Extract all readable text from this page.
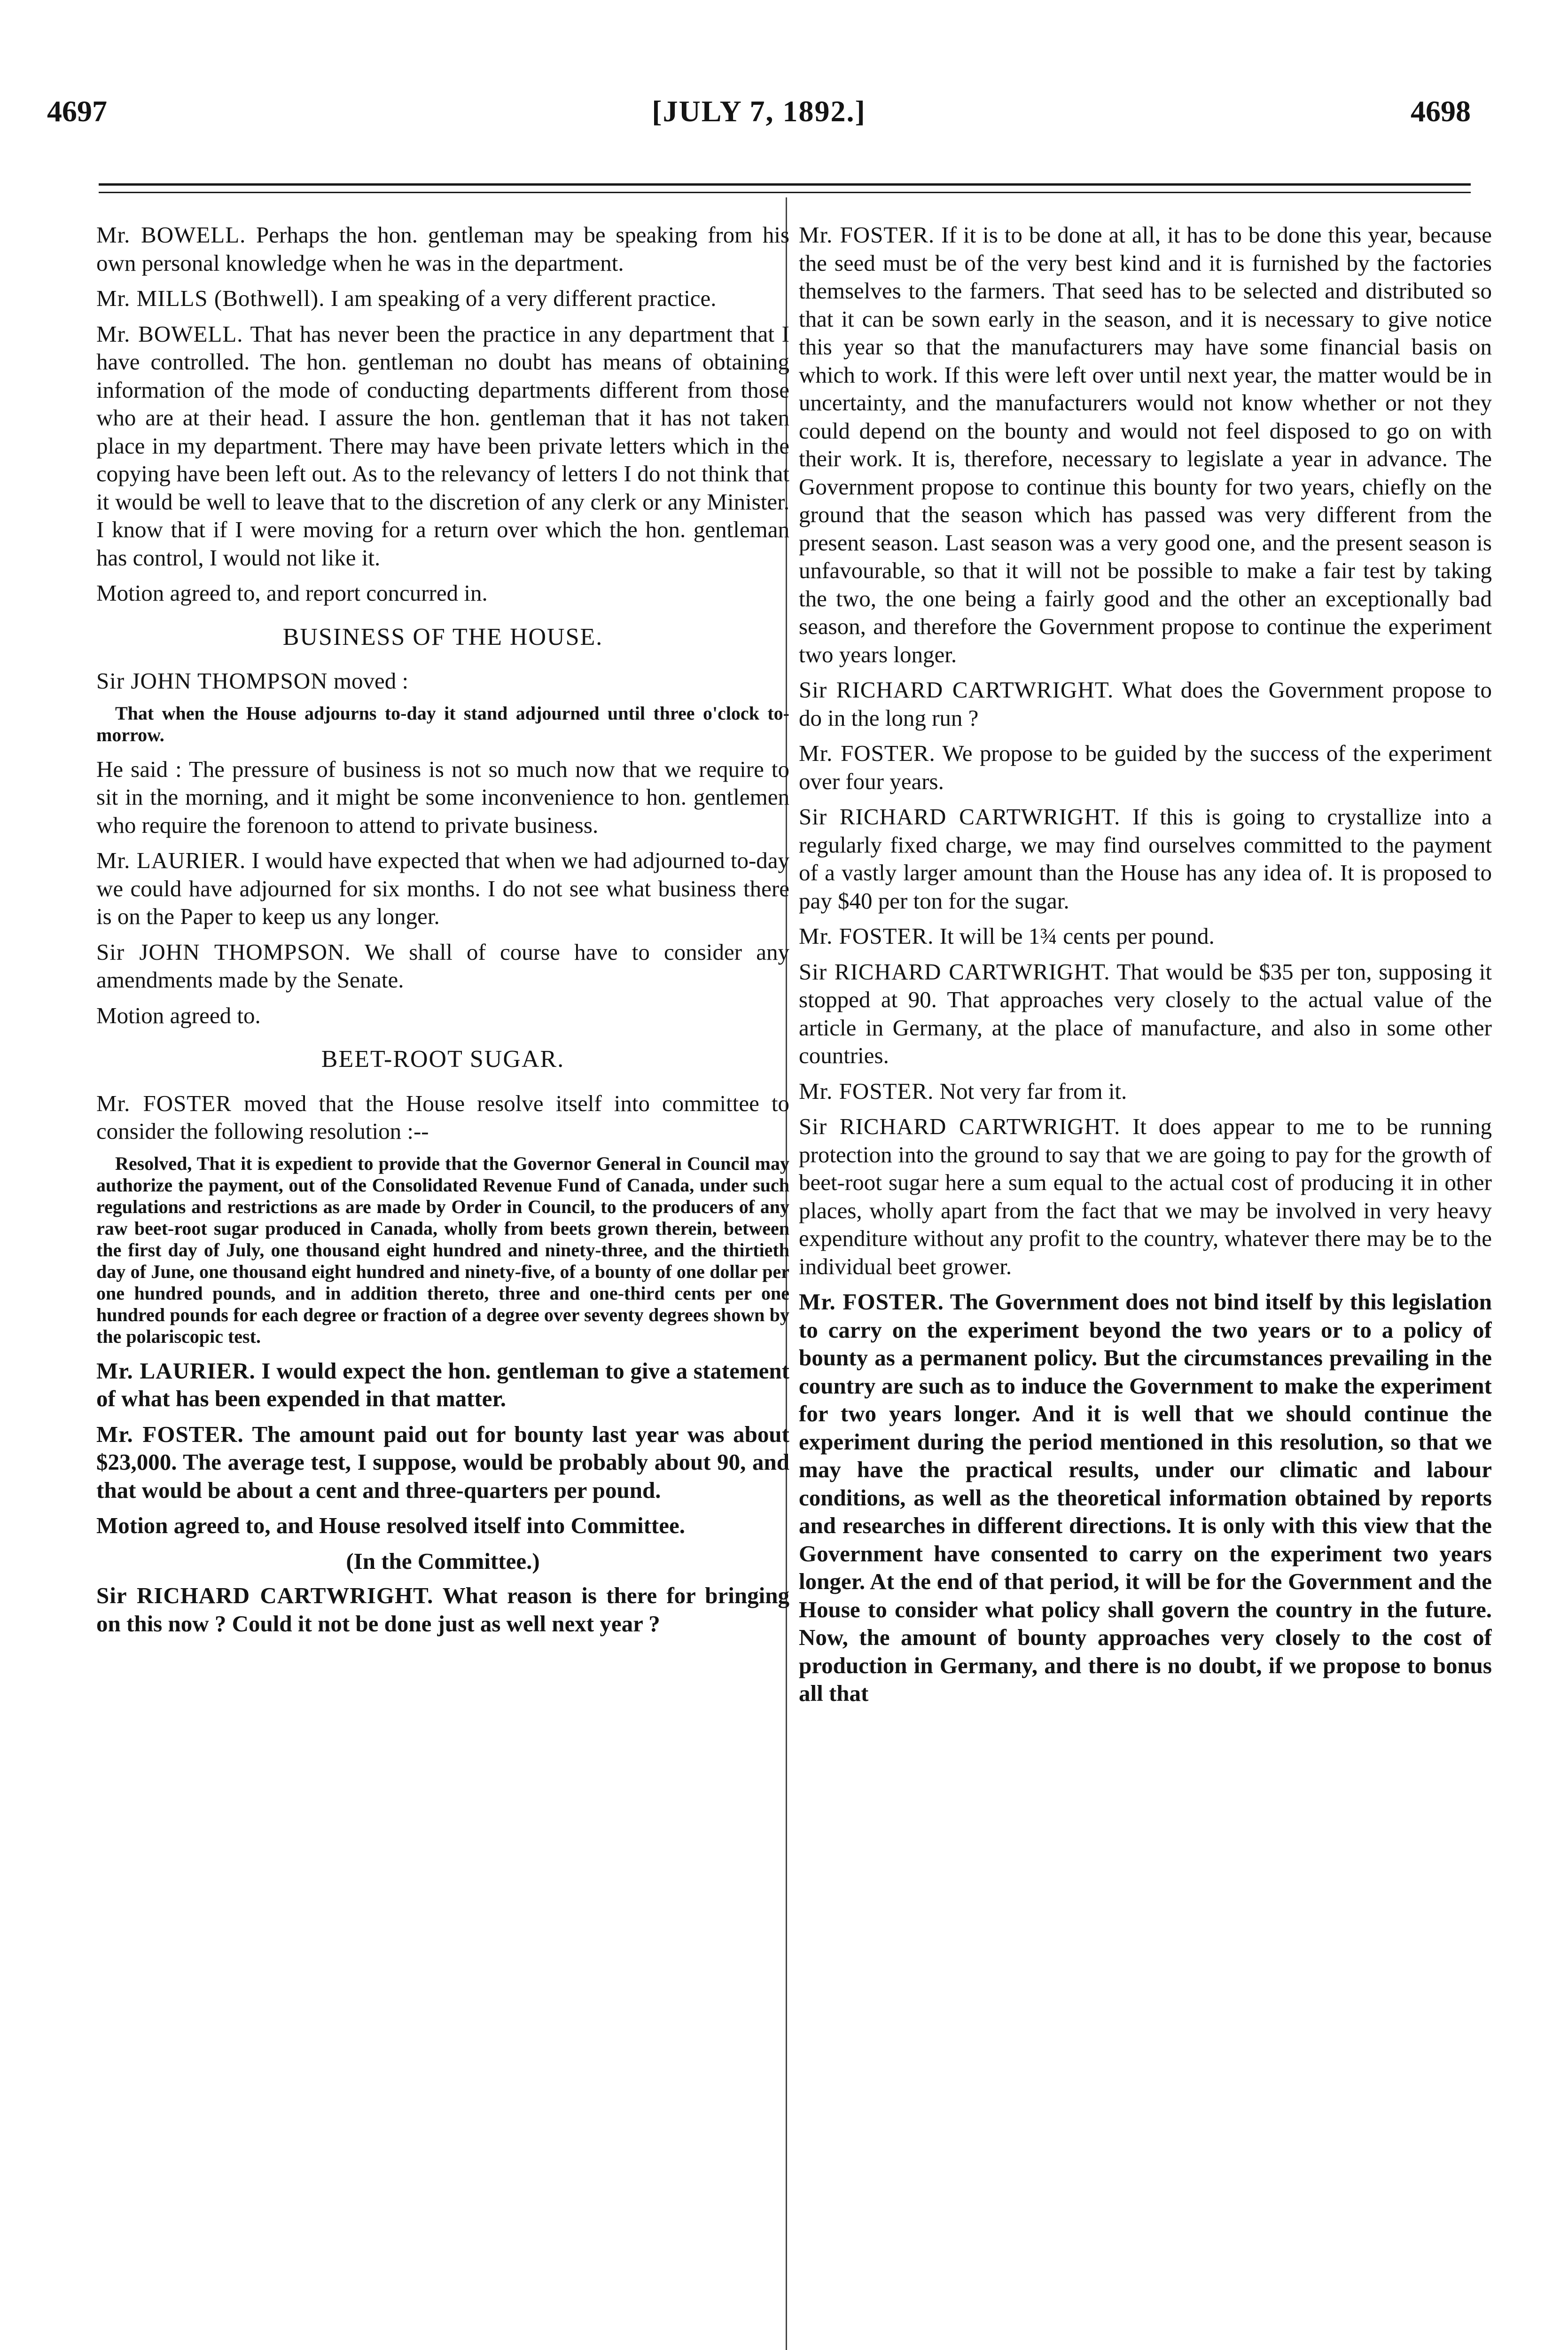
4697	[JULY 7, 1892.]	4698

Mr. BOWELL. Perhaps the hon. gentleman may be speaking from his own personal knowledge when he was in the department.

Mr. MILLS (Bothwell). I am speaking of a very different practice.

Mr. BOWELL. That has never been the practice in any department that I have controlled. The hon. gentleman no doubt has means of obtaining information of the mode of conducting departments different from those who are at their head. I assure the hon. gentleman that it has not taken place in my department. There may have been private letters which in the copying have been left out. As to the relevancy of letters I do not think that it would be well to leave that to the discretion of any clerk or any Minister. I know that if I were moving for a return over which the hon. gentleman has control, I would not like it.

Motion agreed to, and report concurred in.

BUSINESS OF THE HOUSE.

Sir JOHN THOMPSON moved :

That when the House adjourns to-day it stand adjourned until three o'clock to-morrow.

He said : The pressure of business is not so much now that we require to sit in the morning, and it might be some inconvenience to hon. gentlemen who require the forenoon to attend to private business.

Mr. LAURIER. I would have expected that when we had adjourned to-day we could have adjourned for six months. I do not see what business there is on the Paper to keep us any longer.

Sir JOHN THOMPSON. We shall of course have to consider any amendments made by the Senate.

Motion agreed to.

BEET-ROOT SUGAR.

Mr. FOSTER moved that the House resolve itself into committee to consider the following resolution :--

Resolved, That it is expedient to provide that the Governor General in Council may authorize the payment, out of the Consolidated Revenue Fund of Canada, under such regulations and restrictions as are made by Order in Council, to the producers of any raw beet-root sugar produced in Canada, wholly from beets grown therein, between the first day of July, one thousand eight hundred and ninety-three, and the thirtieth day of June, one thousand eight hundred and ninety-five, of a bounty of one dollar per one hundred pounds, and in addition thereto, three and one-third cents per one hundred pounds for each degree or fraction of a degree over seventy degrees shown by the polariscopic test.

Mr. LAURIER. I would expect the hon. gentleman to give a statement of what has been expended in that matter.

Mr. FOSTER. The amount paid out for bounty last year was about $23,000. The average test, I suppose, would be probably about 90, and that would be about a cent and three-quarters per pound.

Motion agreed to, and House resolved itself into Committee.

(In the Committee.)

Sir RICHARD CARTWRIGHT. What reason is there for bringing on this now ? Could it not be done just as well next year ?

Mr. FOSTER. If it is to be done at all, it has to be done this year, because the seed must be of the very best kind and it is furnished by the factories themselves to the farmers. That seed has to be selected and distributed so that it can be sown early in the season, and it is necessary to give notice this year so that the manufacturers may have some financial basis on which to work. If this were left over until next year, the matter would be in uncertainty, and the manufacturers would not know whether or not they could depend on the bounty and would not feel disposed to go on with their work. It is, therefore, necessary to legislate a year in advance. The Government propose to continue this bounty for two years, chiefly on the ground that the season which has passed was very different from the present season. Last season was a very good one, and the present season is unfavourable, so that it will not be possible to make a fair test by taking the two, the one being a fairly good and the other an exceptionally bad season, and therefore the Government propose to continue the experiment two years longer.

Sir RICHARD CARTWRIGHT. What does the Government propose to do in the long run ?

Mr. FOSTER. We propose to be guided by the success of the experiment over four years.

Sir RICHARD CARTWRIGHT. If this is going to crystallize into a regularly fixed charge, we may find ourselves committed to the payment of a vastly larger amount than the House has any idea of. It is proposed to pay $40 per ton for the sugar.

Mr. FOSTER. It will be 1¾ cents per pound.

Sir RICHARD CARTWRIGHT. That would be $35 per ton, supposing it stopped at 90. That approaches very closely to the actual value of the article in Germany, at the place of manufacture, and also in some other countries.

Mr. FOSTER. Not very far from it.

Sir RICHARD CARTWRIGHT. It does appear to me to be running protection into the ground to say that we are going to pay for the growth of beet-root sugar here a sum equal to the actual cost of producing it in other places, wholly apart from the fact that we may be involved in very heavy expenditure without any profit to the country, whatever there may be to the individual beet grower.

Mr. FOSTER. The Government does not bind itself by this legislation to carry on the experiment beyond the two years or to a policy of bounty as a permanent policy. But the circumstances prevailing in the country are such as to induce the Government to make the experiment for two years longer. And it is well that we should continue the experiment during the period mentioned in this resolution, so that we may have the practical results, under our climatic and labour conditions, as well as the theoretical information obtained by reports and researches in different directions. It is only with this view that the Government have consented to carry on the experiment two years longer. At the end of that period, it will be for the Government and the House to consider what policy shall govern the country in the future. Now, the amount of bounty approaches very closely to the cost of production in Germany, and there is no doubt, if we propose to bonus all that
